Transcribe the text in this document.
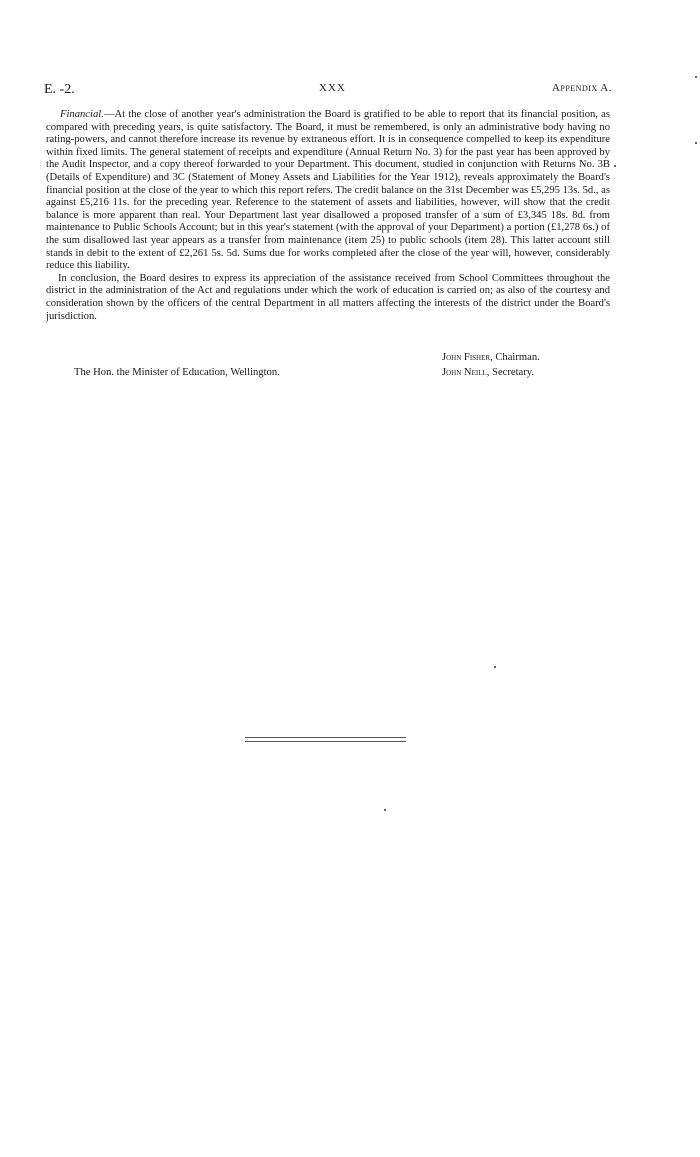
E. -2.	XXX	Appendix A.

Financial.—At the close of another year's administration the Board is gratified to be able to report that its financial position, as compared with preceding years, is quite satisfactory. The Board, it must be remembered, is only an administrative body having no rating-powers, and cannot therefore increase its revenue by extraneous effort. It is in consequence compelled to keep its expenditure within fixed limits. The general statement of receipts and expenditure (Annual Return No. 3) for the past year has been approved by the Audit Inspector, and a copy thereof forwarded to your Department. This document, studied in conjunction with Returns No. 3B (Details of Expenditure) and 3C (Statement of Money Assets and Liabilities for the Year 1912), reveals approximately the Board's financial position at the close of the year to which this report refers. The credit balance on the 31st December was £5,295 13s. 5d., as against £5,216 11s. for the preceding year. Reference to the statement of assets and liabilities, however, will show that the credit balance is more apparent than real. Your Department last year disallowed a proposed transfer of a sum of £3,345 18s. 8d. from maintenance to Public Schools Account; but in this year's statement (with the approval of your Department) a portion (£1,278 6s.) of the sum disallowed last year appears as a transfer from maintenance (item 25) to public schools (item 28). This latter account still stands in debit to the extent of £2,261 5s. 5d. Sums due for works completed after the close of the year will, however, considerably reduce this liability.

In conclusion, the Board desires to express its appreciation of the assistance received from School Committees throughout the district in the administration of the Act and regulations under which the work of education is carried on; as also of the courtesy and consideration shown by the officers of the central Department in all matters affecting the interests of the district under the Board's jurisdiction.

John Fisher, Chairman.
The Hon. the Minister of Education, Wellington.	John Neill, Secretary.
